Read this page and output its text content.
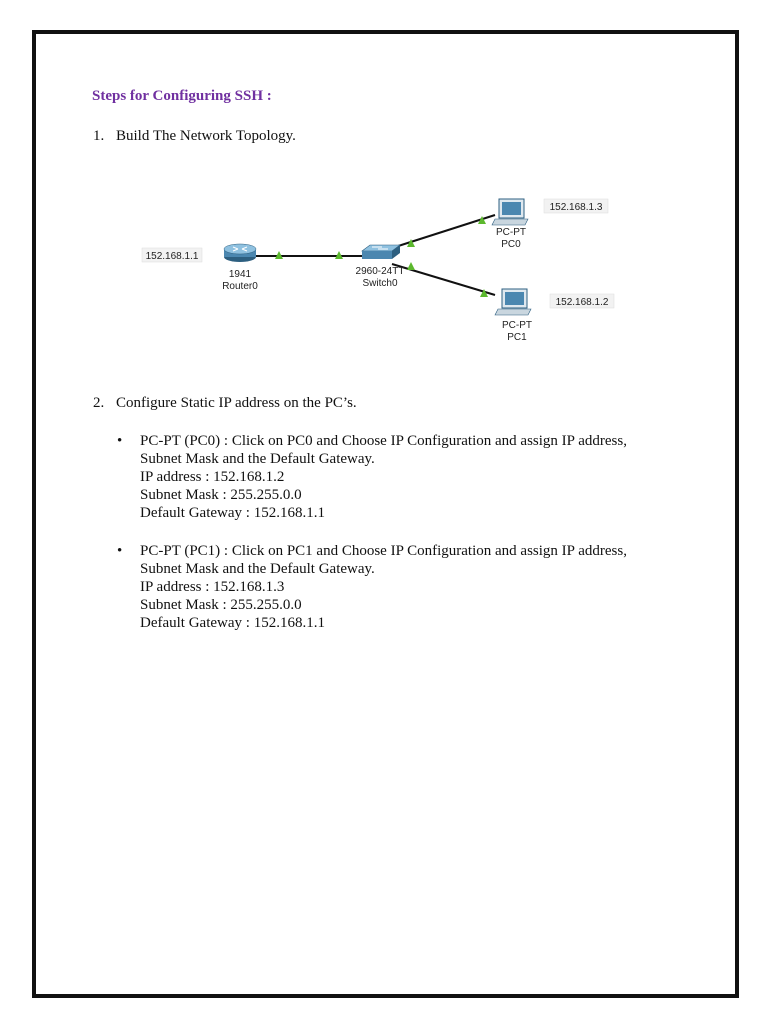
Steps for Configuring SSH :
1. Build The Network Topology.
1941
Router0
152.168.1.1
2960-24TT
Switch0
PC-PT
PC0
152.168.1.3
PC-PT
PC1
152.168.1.2
2. Configure Static IP address on the PC’s.
• PC-PT (PC0) : Click on PC0 and Choose IP Configuration and assign IP address,
Subnet Mask and the Default Gateway.
IP address : 152.168.1.2
Subnet Mask : 255.255.0.0
Default Gateway : 152.168.1.1
• PC-PT (PC1) : Click on PC1 and Choose IP Configuration and assign IP address,
Subnet Mask and the Default Gateway.
IP address : 152.168.1.3
Subnet Mask : 255.255.0.0
Default Gateway : 152.168.1.1
